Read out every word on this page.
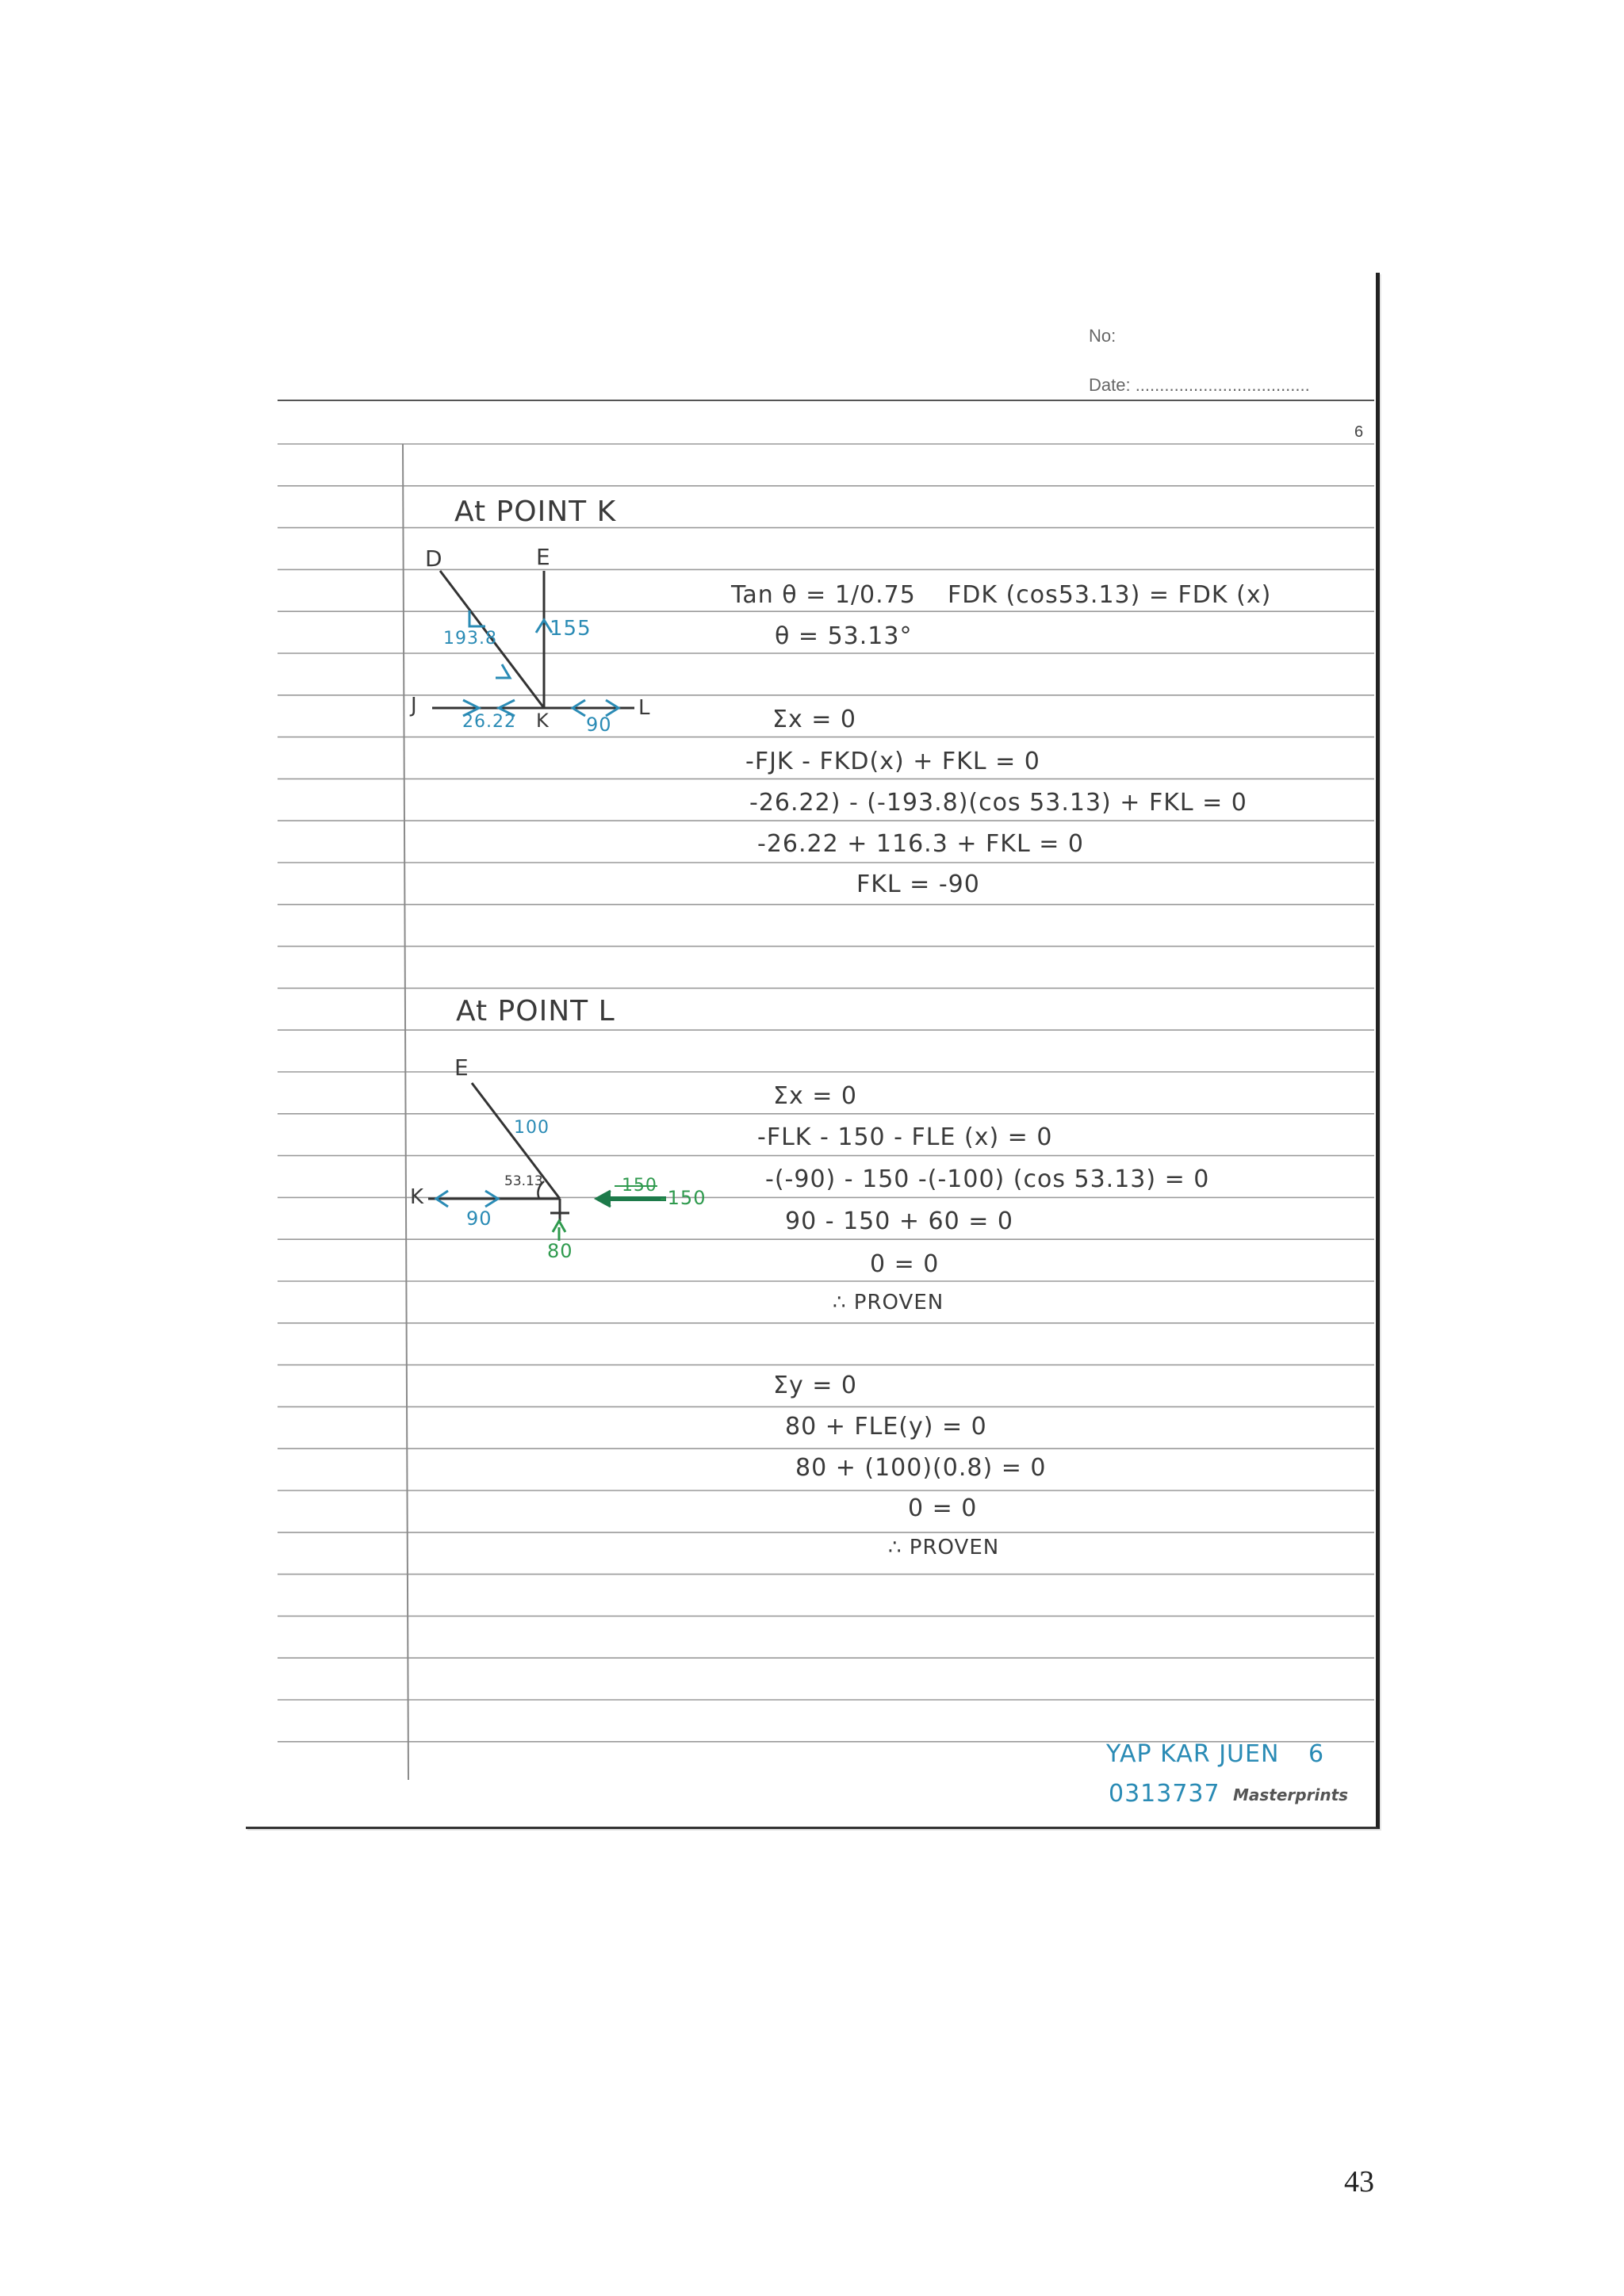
No:
Date: ....................................
6
At POINT K
D	E
J
K
L
193.8	155
26.22	90
Tan θ = 1/0.75 FDK (cos53.13) = FDK (x)
θ = 53.13°
Σx = 0
-FJK - FKD(x) + FKL = 0
-26.22) - (-193.8)(cos 53.13) + FKL = 0
-26.22 + 116.3 + FKL = 0
FKL = -90
At POINT L
E
K
100
53.13
90
80
-150
-150
Σx = 0
-FLK - 150 - FLE (x) = 0
-(-90) - 150 -(-100) (cos 53.13) = 0
90 - 150 + 60 = 0
0 = 0
∴ PROVEN
Σy = 0
80 + FLE(y) = 0
80 + (100)(0.8) = 0
0 = 0
∴ PROVEN
YAP KAR JUEN 6
0313737 Masterprints
43
